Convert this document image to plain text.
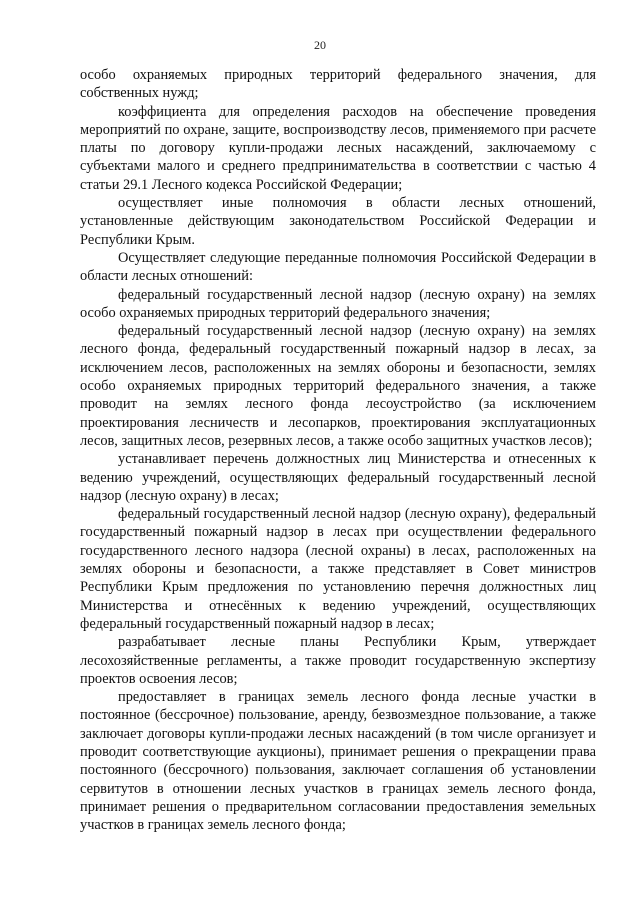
20

особо охраняемых природных территорий федерального значения, для собственных нужд;

коэффициента для определения расходов на обеспечение проведения мероприятий по охране, защите, воспроизводству лесов, применяемого при расчете платы по договору купли-продажи лесных насаждений, заключаемому с субъектами малого и среднего предпринимательства в соответствии с частью 4 статьи 29.1 Лесного кодекса Российской Федерации;

осуществляет иные полномочия в области лесных отношений, установленные действующим законодательством Российской Федерации и Республики Крым.

Осуществляет следующие переданные полномочия Российской Федерации в области лесных отношений:

федеральный государственный лесной надзор (лесную охрану) на землях особо охраняемых природных территорий федерального значения;

федеральный государственный лесной надзор (лесную охрану) на землях лесного фонда, федеральный государственный пожарный надзор в лесах, за исключением лесов, расположенных на землях обороны и безопасности, землях особо охраняемых природных территорий федерального значения, а также проводит на землях лесного фонда лесоустройство (за исключением проектирования лесничеств и лесопарков, проектирования эксплуатационных лесов, защитных лесов, резервных лесов, а также особо защитных участков лесов);

устанавливает перечень должностных лиц Министерства и отнесенных к ведению учреждений, осуществляющих федеральный государственный лесной надзор (лесную охрану) в лесах;

федеральный государственный лесной надзор (лесную охрану), федеральный государственный пожарный надзор в лесах при осуществлении федерального государственного лесного надзора (лесной охраны) в лесах, расположенных на землях обороны и безопасности, а также представляет в Совет министров Республики Крым предложения по установлению перечня должностных лиц Министерства и отнесённых к ведению учреждений, осуществляющих федеральный государственный пожарный надзор в лесах;

разрабатывает лесные планы Республики Крым, утверждает лесохозяйственные регламенты, а также проводит государственную экспертизу проектов освоения лесов;

предоставляет в границах земель лесного фонда лесные участки в постоянное (бессрочное) пользование, аренду, безвозмездное пользование, а также заключает договоры купли-продажи лесных насаждений (в том числе организует и проводит соответствующие аукционы), принимает решения о прекращении права постоянного (бессрочного) пользования, заключает соглашения об установлении сервитутов в отношении лесных участков в границах земель лесного фонда, принимает решения о предварительном согласовании предоставления земельных участков в границах земель лесного фонда;
